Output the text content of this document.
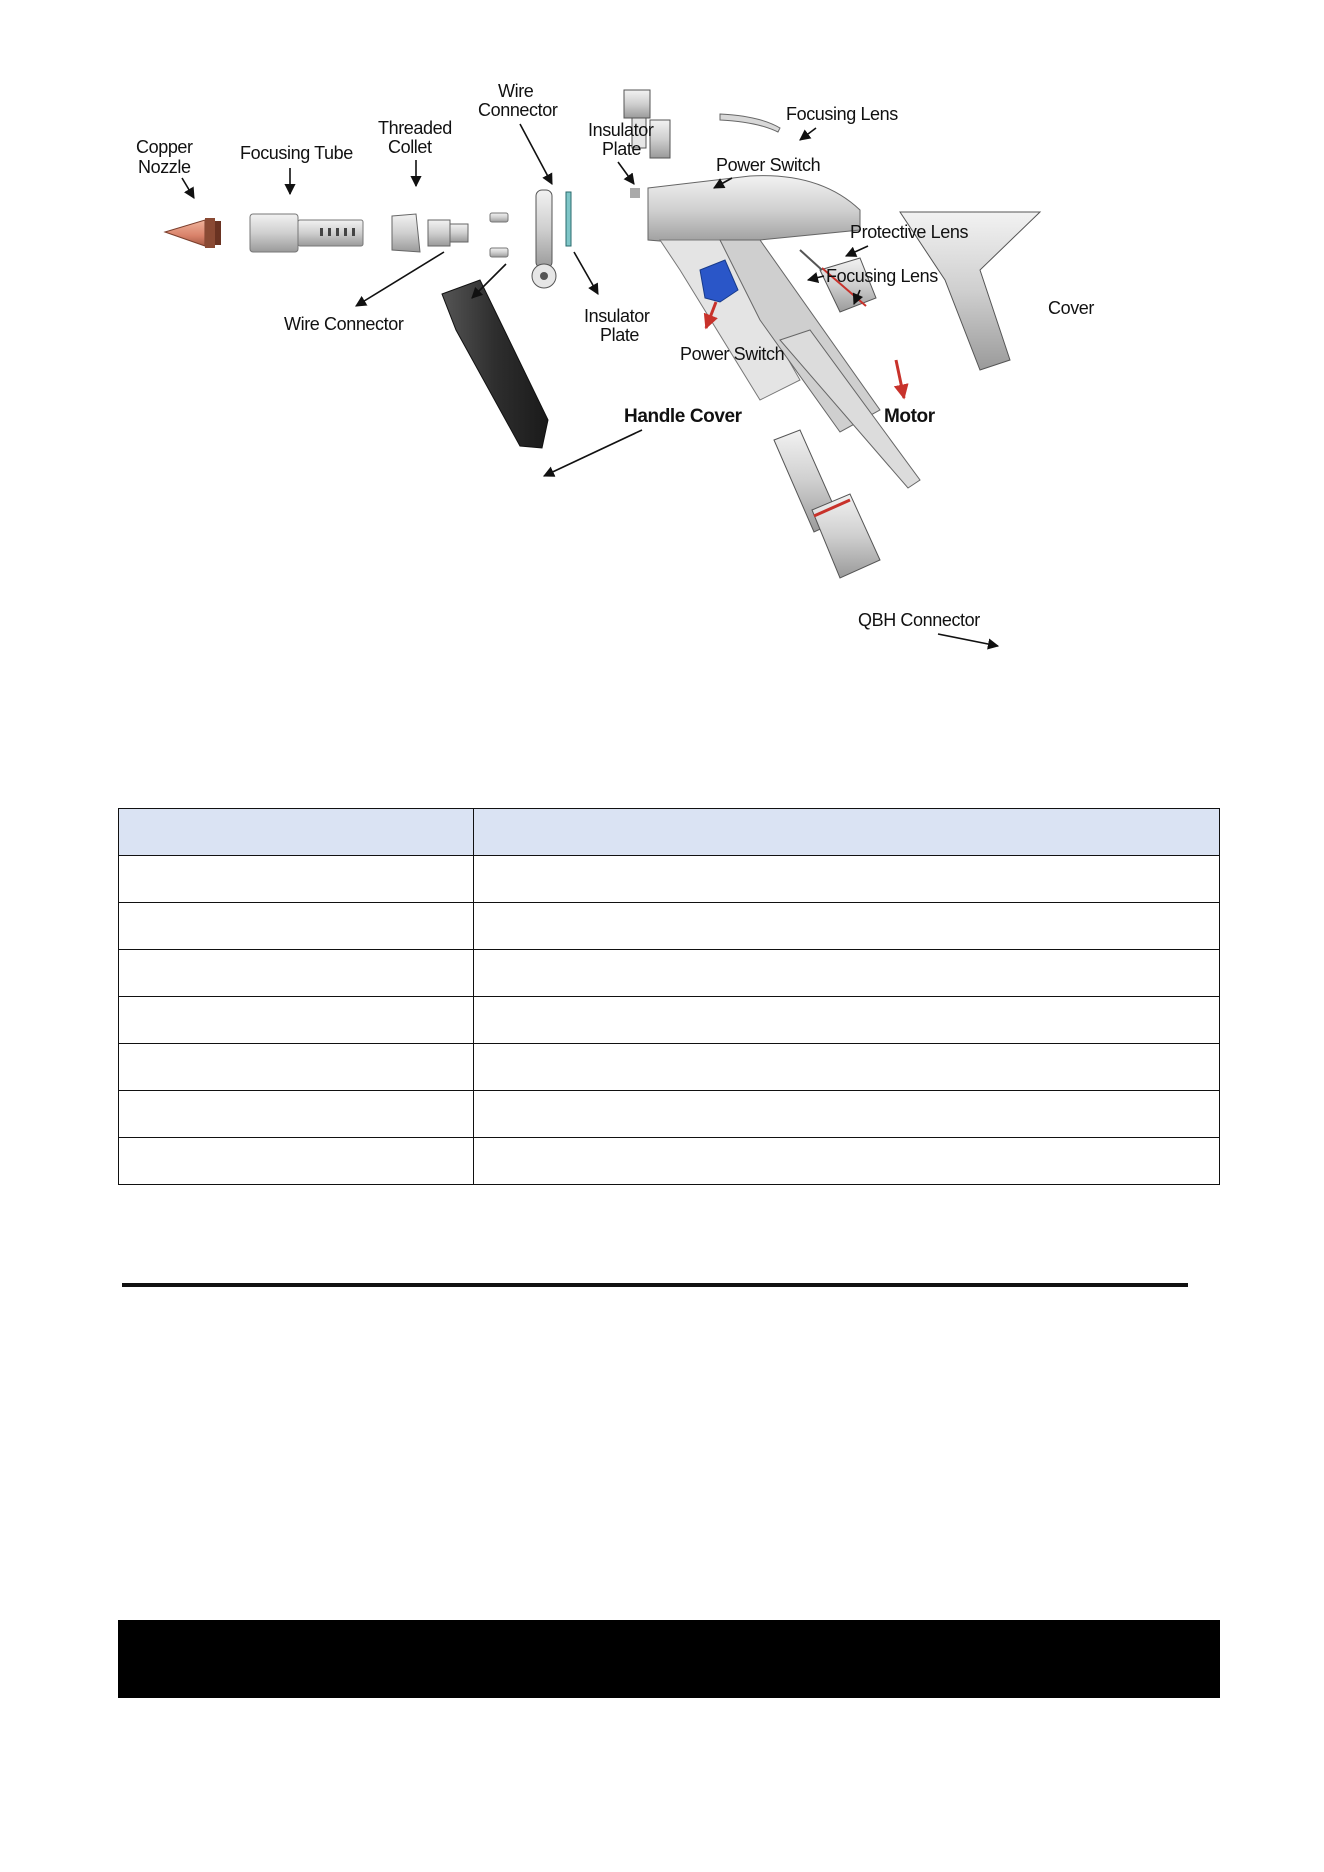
Copper
Nozzle
Focusing Tube
Threaded
Collet
Wire
Connector
Insulator
Plate
Power Switch
Focusing Lens
Protective Lens
Focusing Lens
Cover
Wire Connector	Insulator
Plate
Power Switch
Motor
Handle Cover
QBH Connector
